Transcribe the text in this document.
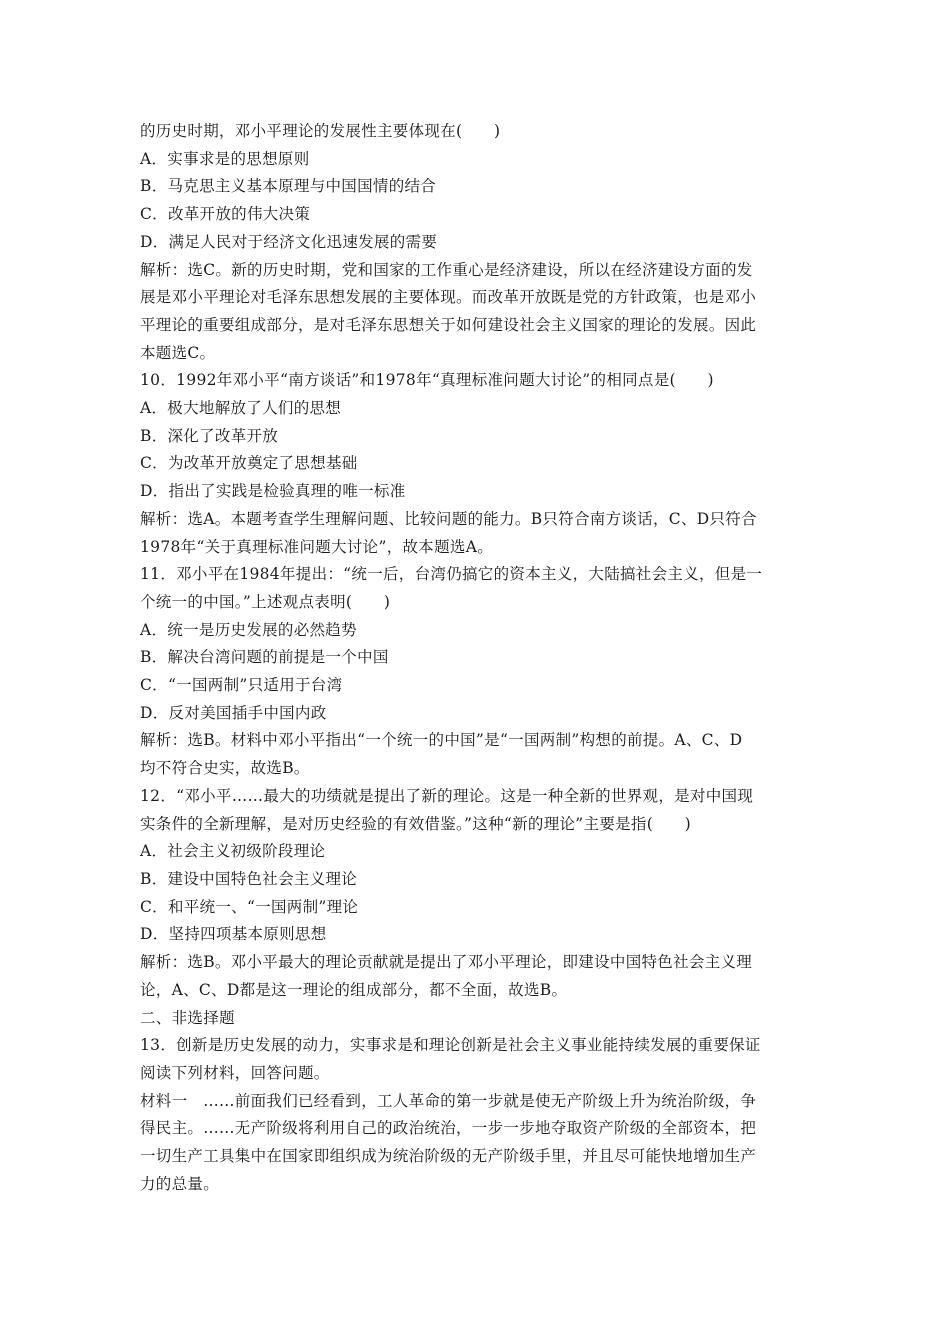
的历史时期，邓小平理论的发展性主要体现在(　　)
A．实事求是的思想原则
B．马克思主义基本原理与中国国情的结合
C．改革开放的伟大决策
D．满足人民对于经济文化迅速发展的需要
解析：选C。新的历史时期，党和国家的工作重心是经济建设，所以在经济建设方面的发
展是邓小平理论对毛泽东思想发展的主要体现。而改革开放既是党的方针政策，也是邓小
平理论的重要组成部分，是对毛泽东思想关于如何建设社会主义国家的理论的发展。因此
本题选C。
10．1992年邓小平“南方谈话”和1978年“真理标准问题大讨论”的相同点是(　　)
A．极大地解放了人们的思想
B．深化了改革开放
C．为改革开放奠定了思想基础
D．指出了实践是检验真理的唯一标准
解析：选A。本题考查学生理解问题、比较问题的能力。B只符合南方谈话，C、D只符合
1978年“关于真理标准问题大讨论”，故本题选A。
11．邓小平在1984年提出：“统一后，台湾仍搞它的资本主义，大陆搞社会主义，但是一
个统一的中国。”上述观点表明(　　)
A．统一是历史发展的必然趋势
B．解决台湾问题的前提是一个中国
C．“一国两制”只适用于台湾
D．反对美国插手中国内政
解析：选B。材料中邓小平指出“一个统一的中国”是“一国两制”构想的前提。A、C、D
均不符合史实，故选B。
12．“邓小平……最大的功绩就是提出了新的理论。这是一种全新的世界观，是对中国现
实条件的全新理解，是对历史经验的有效借鉴。”这种“新的理论”主要是指(　　)
A．社会主义初级阶段理论
B．建设中国特色社会主义理论
C．和平统一、“一国两制”理论
D．坚持四项基本原则思想
解析：选B。邓小平最大的理论贡献就是提出了邓小平理论，即建设中国特色社会主义理
论，A、C、D都是这一理论的组成部分，都不全面，故选B。
二、非选择题
13．创新是历史发展的动力，实事求是和理论创新是社会主义事业能持续发展的重要保证
阅读下列材料，回答问题。
材料一　……前面我们已经看到，工人革命的第一步就是使无产阶级上升为统治阶级，争
得民主。……无产阶级将利用自己的政治统治，一步一步地夺取资产阶级的全部资本，把
一切生产工具集中在国家即组织成为统治阶级的无产阶级手里，并且尽可能快地增加生产
力的总量。
